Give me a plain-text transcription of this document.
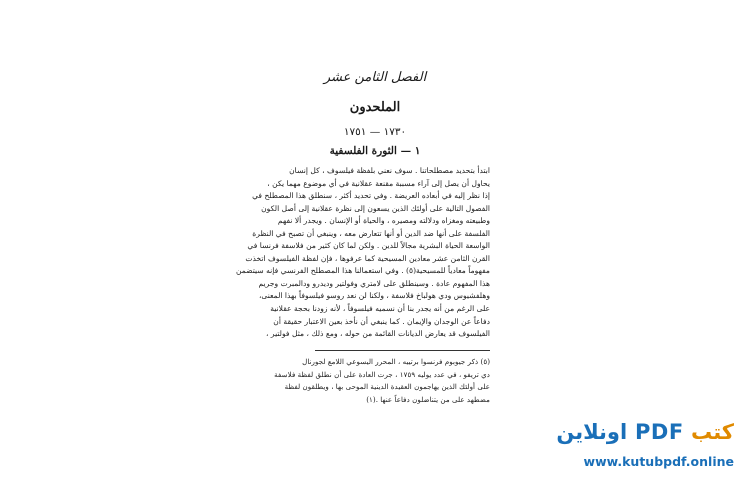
الفصل الثامن عشر
الملحدون
١٧٣٠ — ١٧٥١
١ — الثورة الفلسفية
ابتدأ بتحديد مصطلحاتنا . سوف نعني بلفظة فيلسوف ، كل إنسان
يحاول أن يصل إلى آراء مسببة مقنعة عقلانية في أي موضوع مهما يكن ،
إذا نظر إليه في أبعاده العريضة . وفي تحديد أكثر ، سنطلق هذا المصطلح في
الفصول التالية على أولئك الذين يسعون إلى نظرة عقلانية إلى أصل الكون
وطبيعته ومغزاه ودلالته ومصيره ، والحياة أو الإنسان . ويجدر ألا نفهم
الفلسفة على أنها ضد الدين أو أنها تتعارض معه ، وينبغي أن تصبح في النظرة
الواسعة الحياة البشرية مجالاً للدين . ولكن لما كان كثير من فلاسفة فرنسا في
القرن الثامن عشر معادين المسيحية كما عرفوها ، فإن لفظة الفيلسوف اتخذت
مفهوماً معادياً للمسيحية(٥) . وفي استعمالنا هذا المصطلح الفرنسي فإنه سيتضمن
هذا المفهوم عادة . وسينطلق على لامتري وفولتير وديدرو ودالمبرت وجريم
وهلفشيوس ودي هولباخ فلاسفة ، ولكنا لن نعد روسو فيلسوفاً بهذا المعنى،
على الرغم من أنه يجدر بنا أن نسميه فيلسوفاً ، لأنه زودنا بحجة عقلانية
دفاعاً عن الوجدان والإيمان . كما ينبغي أن نأخذ بعين الاعتبار حقيقة أن
الفيلسوف قد يعارض الديانات القائمة من حوله ، ومع ذلك ، مثل فولتير ،
(٥) ذكر جيوبوم فرنسوا برتييه ، المحرر اليسوعي اللامع لجورنال
دي تريفو ، في عدد يوليه ١٧٥٩ ، جرت العادة على أن نطلق لفظة فلاسفة
على أولئك الذين يهاجمون العقيدة الدينية الموحى بها ، ويطلقون لفظة
مضطهد على من يتناضلون دفاعاً عنها .(١)
كتب PDF اونلاين
www.kutubpdf.online
